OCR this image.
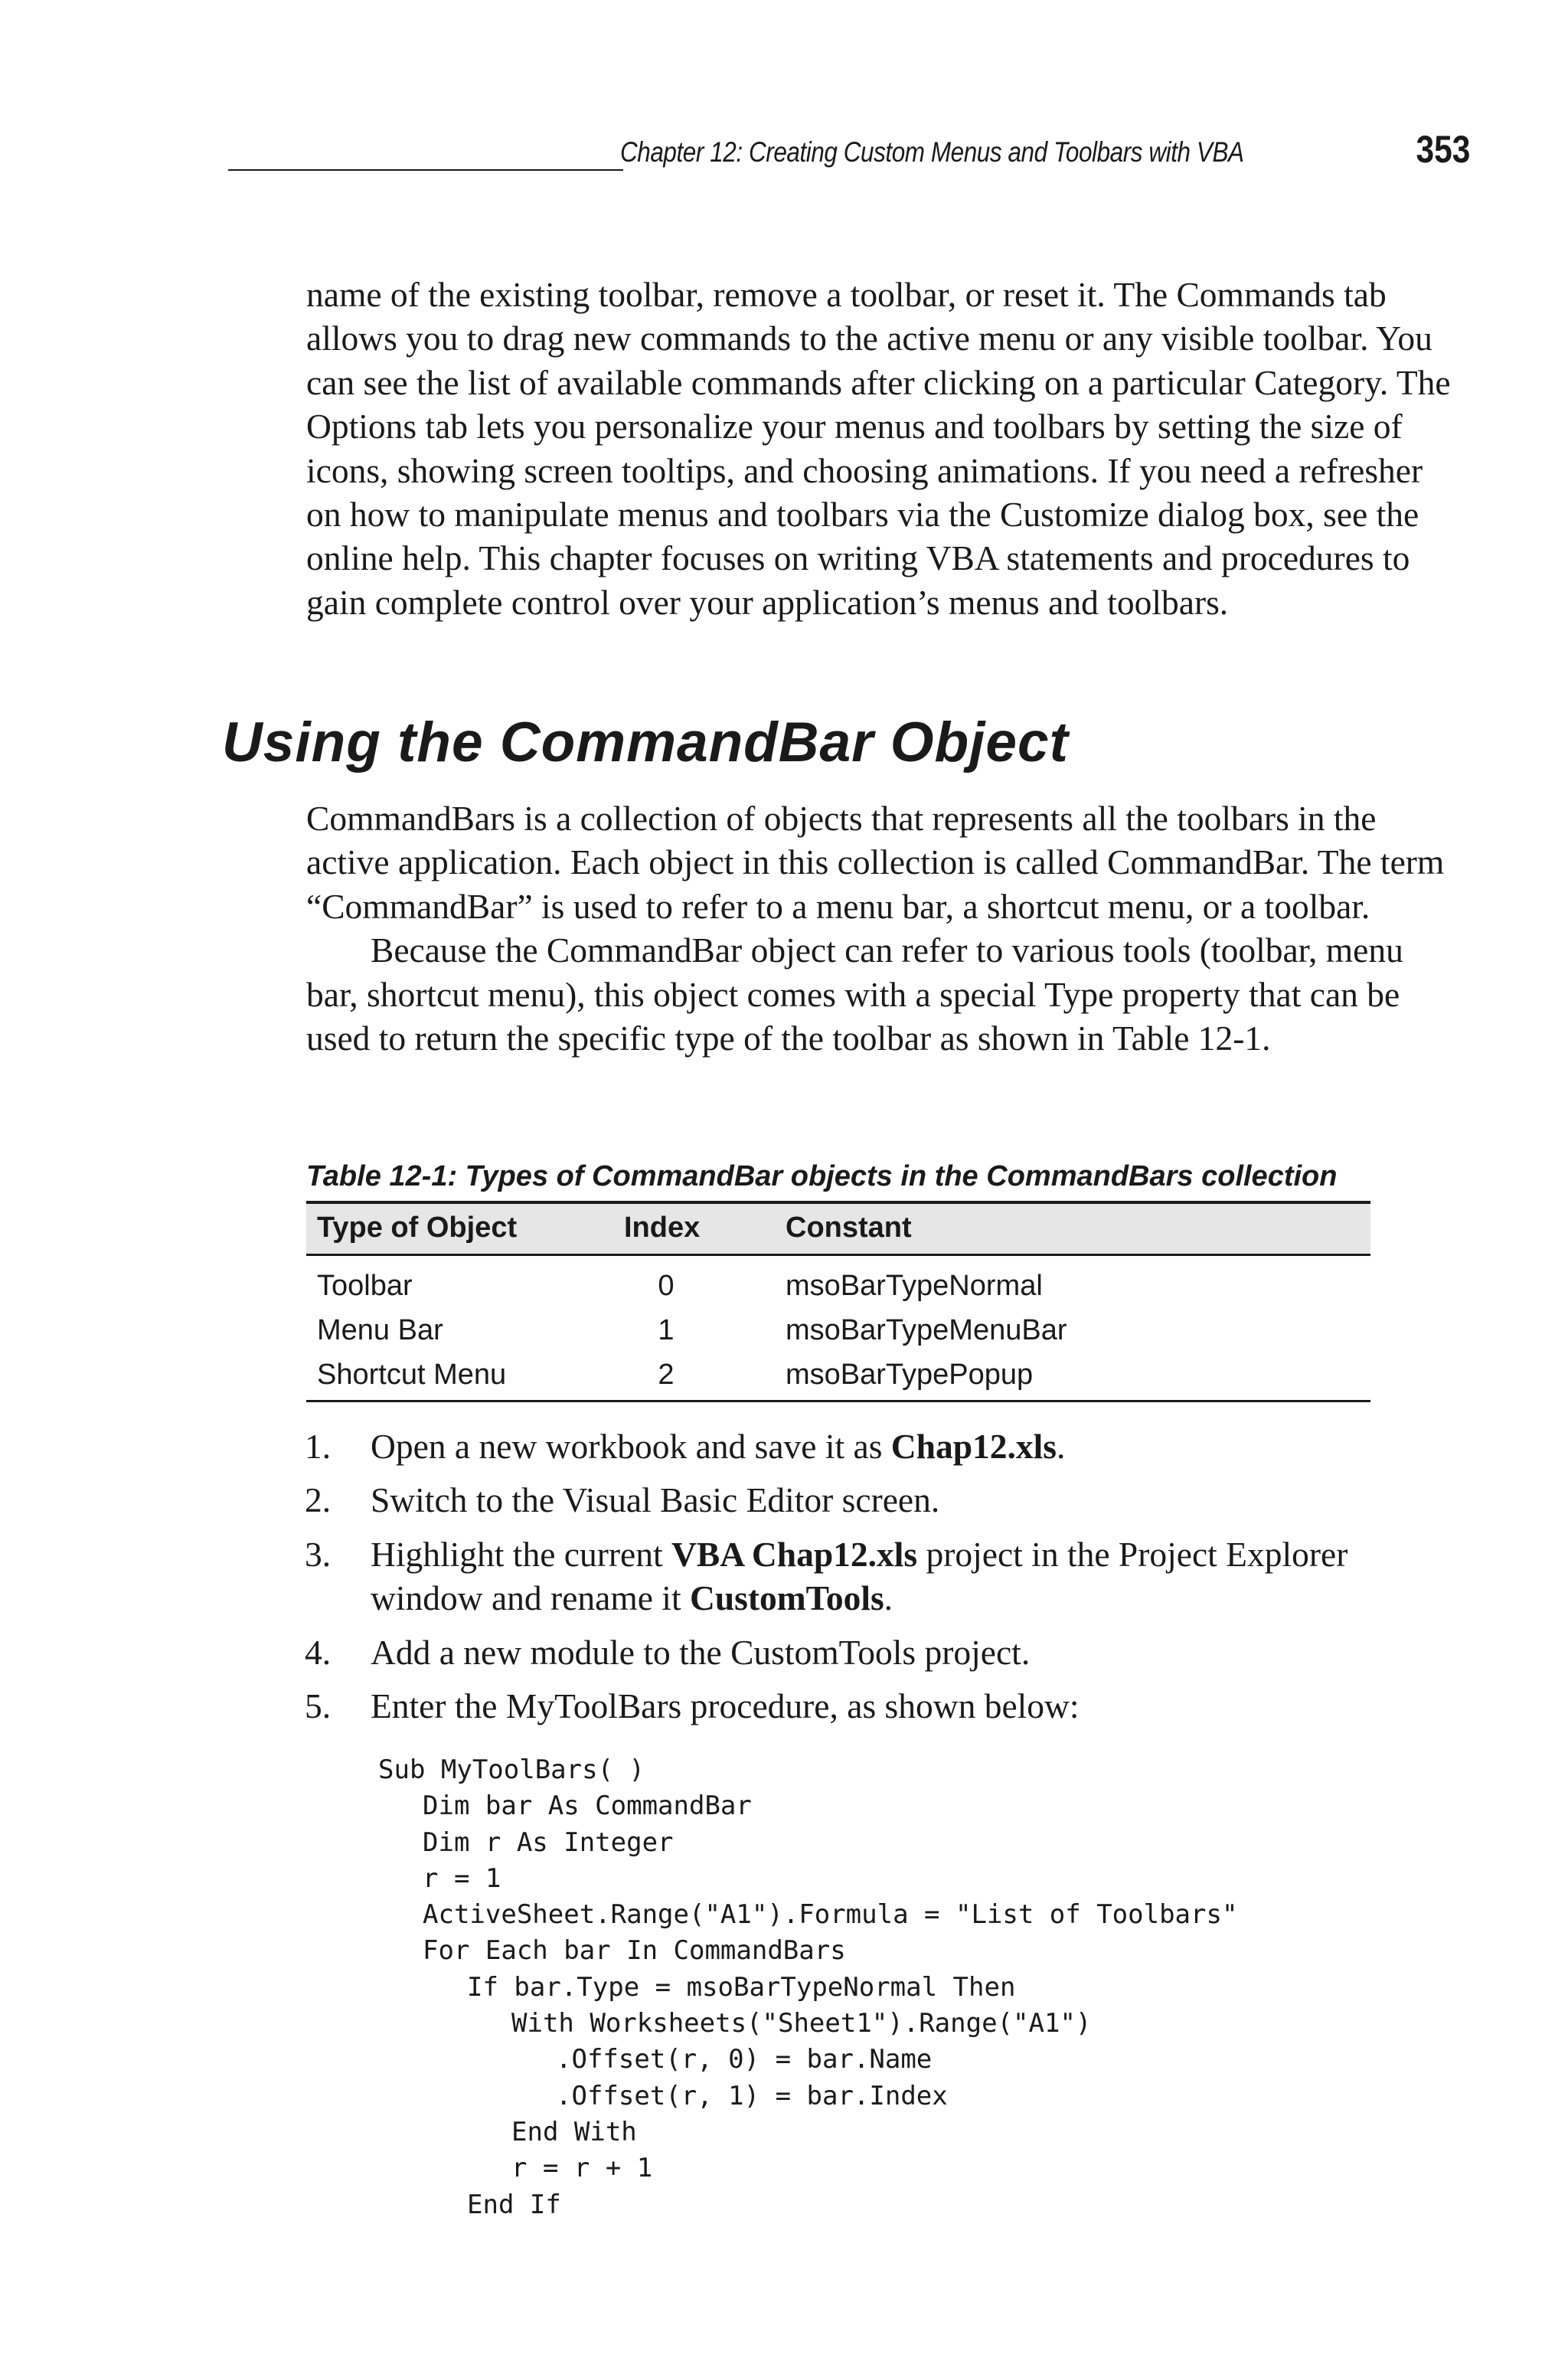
Chapter 12: Creating Custom Menus and Toolbars with VBA	353

name of the existing toolbar, remove a toolbar, or reset it. The Commands tab allows you to drag new commands to the active menu or any visible toolbar. You can see the list of available commands after clicking on a particular Category. The Options tab lets you personalize your menus and toolbars by setting the size of icons, showing screen tooltips, and choosing animations. If you need a refresher on how to manipulate menus and toolbars via the Customize dialog box, see the online help. This chapter focuses on writing VBA statements and procedures to gain complete control over your application’s menus and toolbars.

Using the CommandBar Object

CommandBars is a collection of objects that represents all the toolbars in the active application. Each object in this collection is called CommandBar. The term “CommandBar” is used to refer to a menu bar, a shortcut menu, or a toolbar.

Because the CommandBar object can refer to various tools (toolbar, menu bar, shortcut menu), this object comes with a special Type property that can be used to return the specific type of the toolbar as shown in Table 12-1.

Table 12-1: Types of CommandBar objects in the CommandBars collection
Type of Object	Index	Constant
Toolbar	0	msoBarTypeNormal
Menu Bar	1	msoBarTypeMenuBar
Shortcut Menu	2	msoBarTypePopup
1. Open a new workbook and save it as Chap12.xls.
2. Switch to the Visual Basic Editor screen.
3. Highlight the current VBA Chap12.xls project in the Project Explorer window and rename it CustomTools.
4. Add a new module to the CustomTools project.
5. Enter the MyToolBars procedure, as shown below:
Sub MyToolBars( )
Dim bar As CommandBar
Dim r As Integer
r = 1
ActiveSheet.Range("A1").Formula = "List of Toolbars"
For Each bar In CommandBars
If bar.Type = msoBarTypeNormal Then
With Worksheets("Sheet1").Range("A1")
.Offset(r, 0) = bar.Name
.Offset(r, 1) = bar.Index
End With
r = r + 1
End If
